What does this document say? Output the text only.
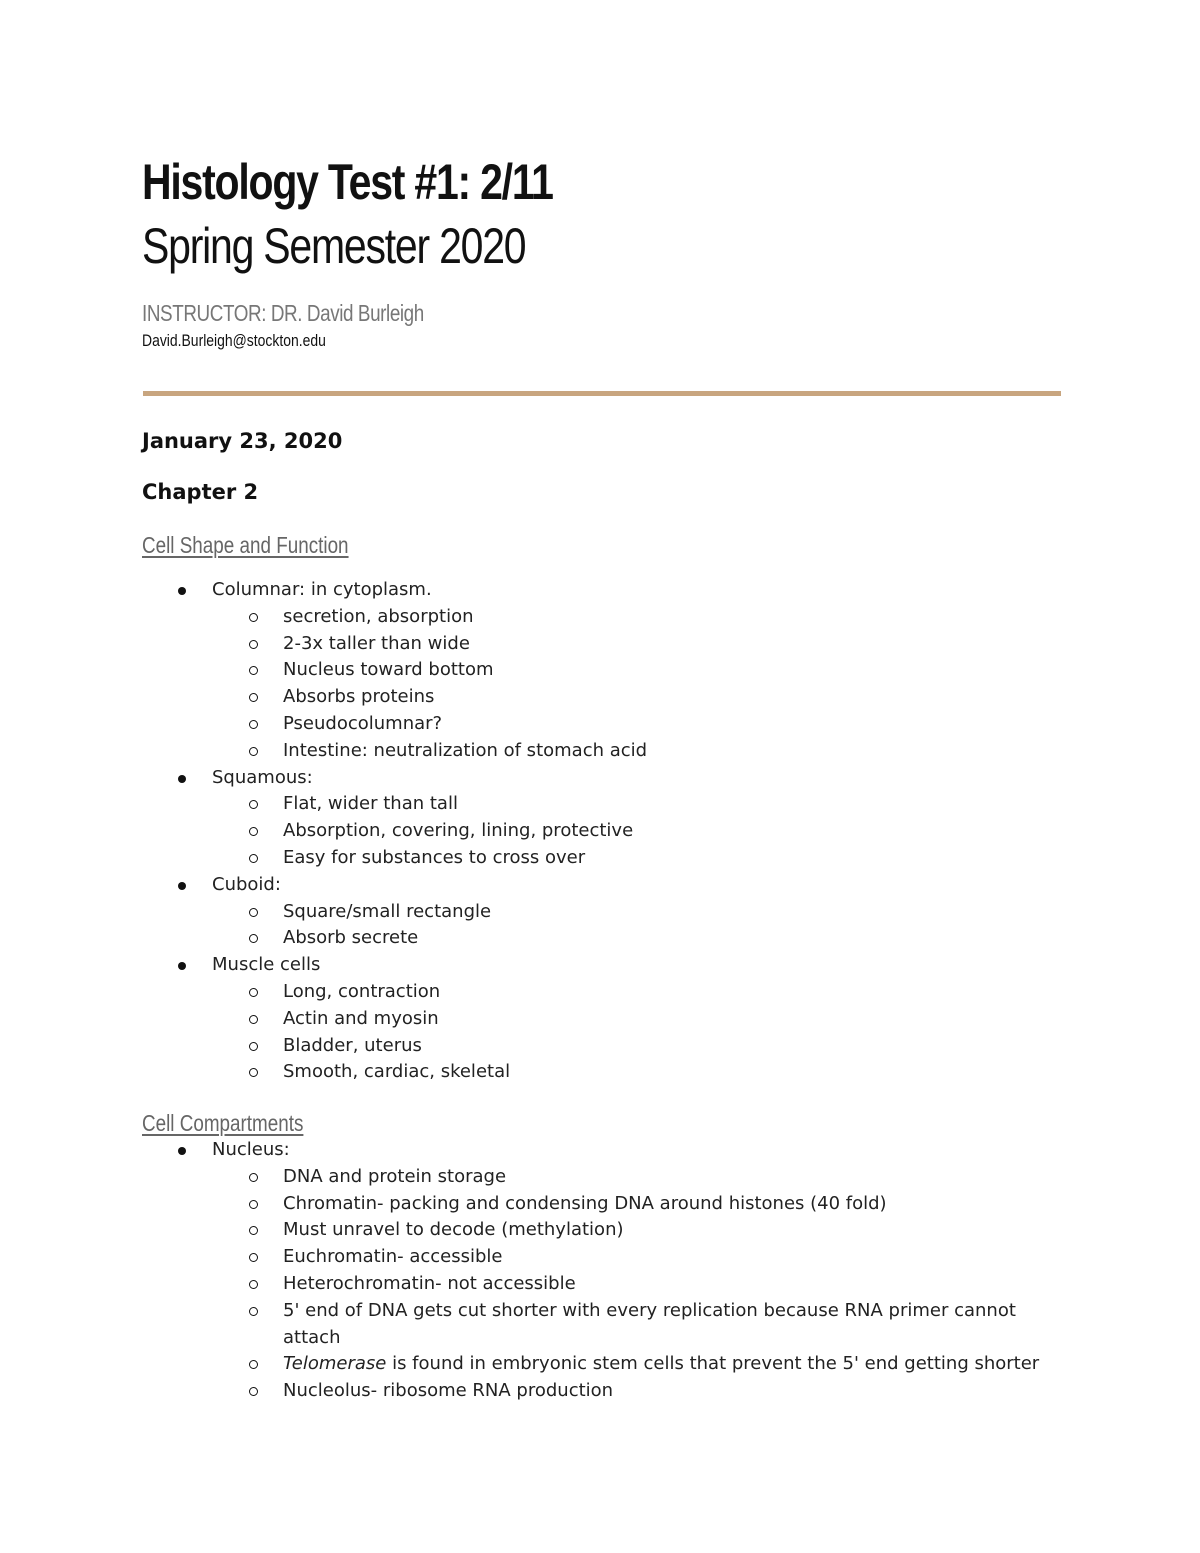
Histology Test #1: 2/11
Spring Semester 2020
INSTRUCTOR: DR. David Burleigh
David.Burleigh@stockton.edu
January 23, 2020
Chapter 2
Cell Shape and Function
Columnar: in cytoplasm.
secretion, absorption
2-3x taller than wide
Nucleus toward bottom
Absorbs proteins
Pseudocolumnar?
Intestine: neutralization of stomach acid
Squamous:
Flat, wider than tall
Absorption, covering, lining, protective
Easy for substances to cross over
Cuboid:
Square/small rectangle
Absorb secrete
Muscle cells
Long, contraction
Actin and myosin
Bladder, uterus
Smooth, cardiac, skeletal
Cell Compartments
Nucleus:
DNA and protein storage
Chromatin- packing and condensing DNA around histones (40 fold)
Must unravel to decode (methylation)
Euchromatin- accessible
Heterochromatin- not accessible
5' end of DNA gets cut shorter with every replication because RNA primer cannot attach
Telomerase is found in embryonic stem cells that prevent the 5' end getting shorter
Nucleolus- ribosome RNA production
